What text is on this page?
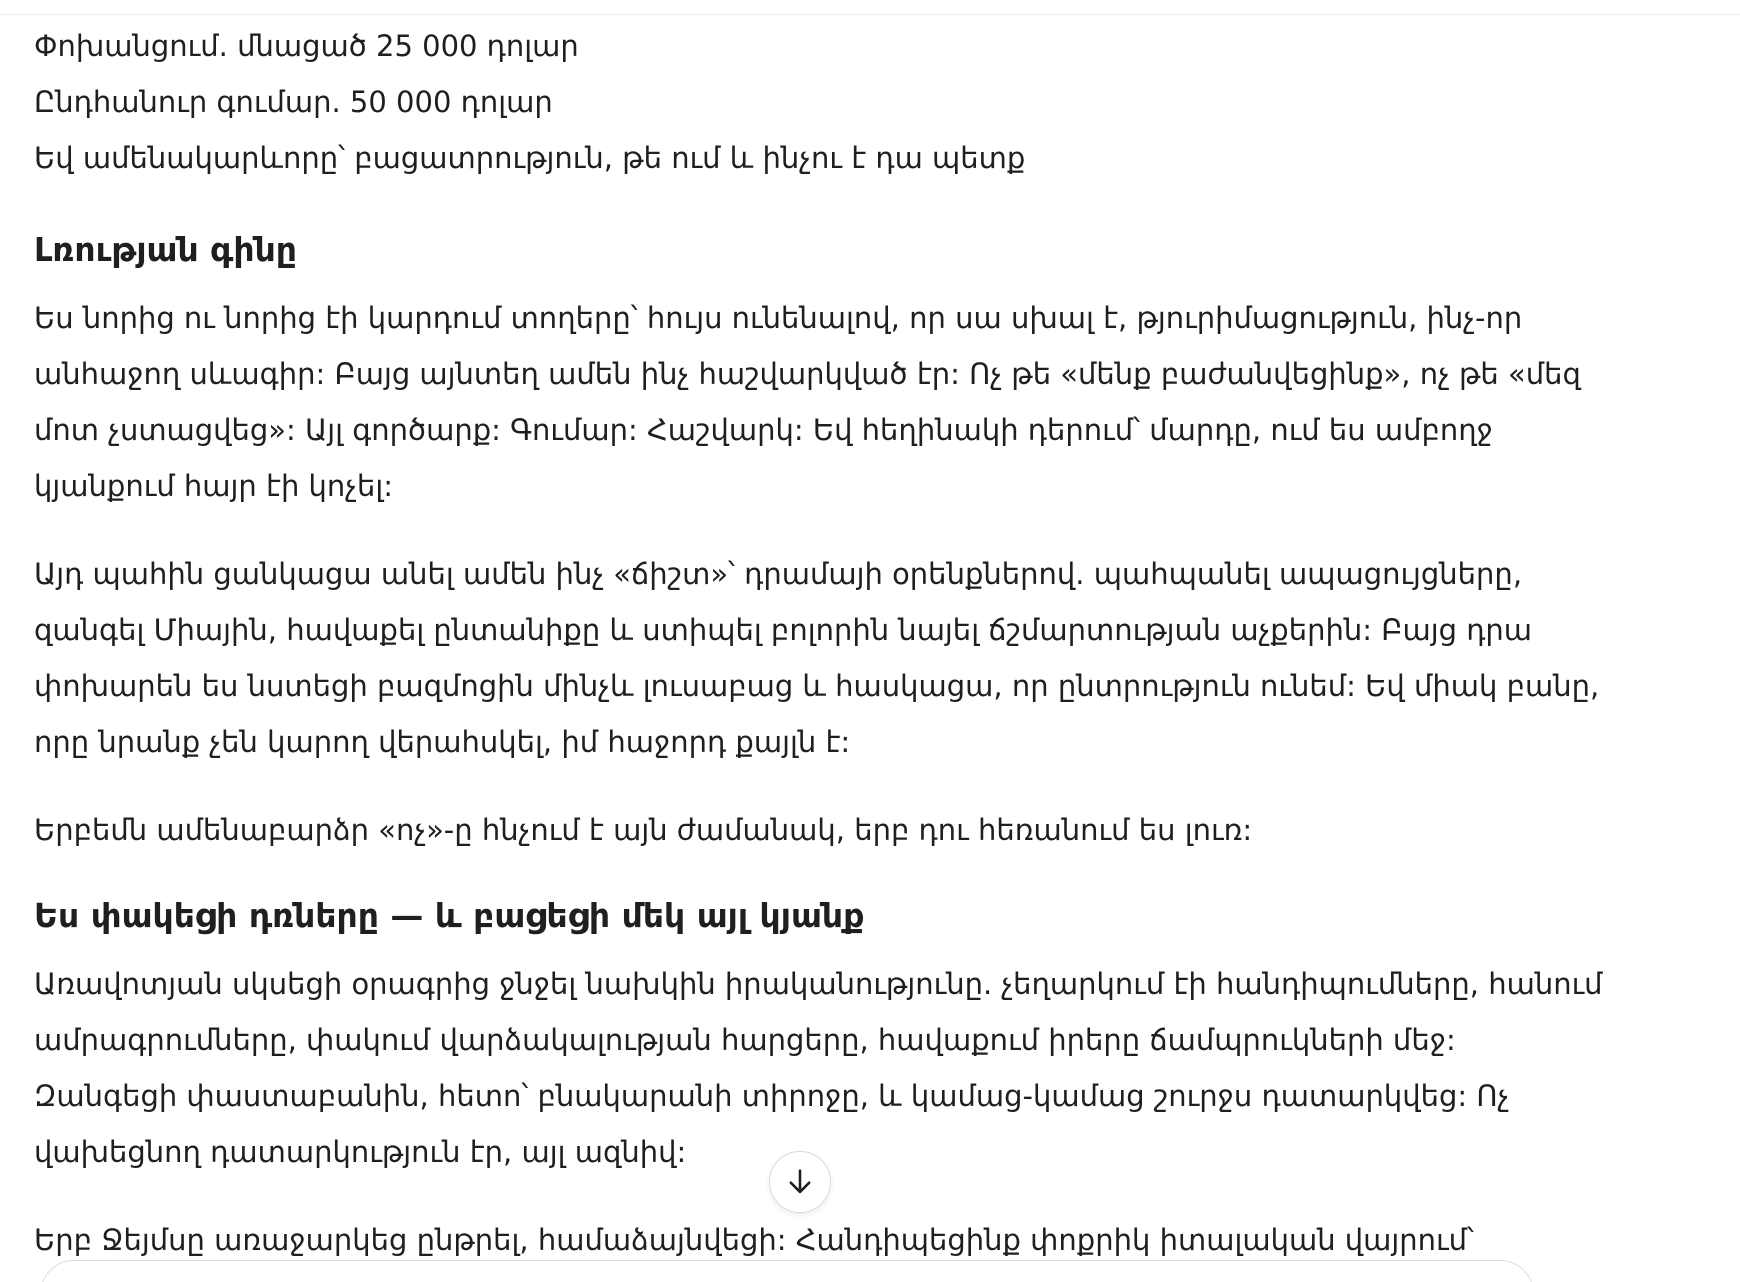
Փոխանցում. մնացած 25 000 դոլար
Ընդհանուր գումար. 50 000 դոլար
Եվ ամենակարևորը՝ բացատրություն, թե ում և ինչու է դա պետք
Լռության գինը

Ես նորից ու նորից էի կարդում տողերը՝ հույս ունենալով, որ սա սխալ է, թյուրիմացություն, ինչ-որ
անհաջող սևագիր: Բայց այնտեղ ամեն ինչ հաշվարկված էր: Ոչ թե «մենք բաժանվեցինք», ոչ թե «մեզ
մոտ չստացվեց»: Այլ գործարք: Գումար: Հաշվարկ: Եվ հեղինակի դերում՝ մարդը, ում ես ամբողջ
կյանքում հայր էի կոչել:

Այդ պահին ցանկացա անել ամեն ինչ «ճիշտ»՝ դրամայի օրենքներով. պահպանել ապացույցները,
զանգել Միային, հավաքել ընտանիքը և ստիպել բոլորին նայել ճշմարտության աչքերին: Բայց դրա
փոխարեն ես նստեցի բազմոցին մինչև լուսաբաց և հասկացա, որ ընտրություն ունեմ: Եվ միակ բանը,
որը նրանք չեն կարող վերահսկել, իմ հաջորդ քայլն է:

Երբեմն ամենաբարձր «ոչ»-ը հնչում է այն ժամանակ, երբ դու հեռանում ես լուռ:

Ես փակեցի դռները — և բացեցի մեկ այլ կյանք

Առավոտյան սկսեցի օրագրից ջնջել նախկին իրականությունը. չեղարկում էի հանդիպումները, հանում
ամրագրումները, փակում վարձակալության հարցերը, հավաքում իրերը ճամպրուկների մեջ:
Զանգեցի փաստաբանին, հետո՝ բնակարանի տիրոջը, և կամաց-կամաց շուրջս դատարկվեց: Ոչ
վախեցնող դատարկություն էր, այլ ազնիվ:

Երբ Ջեյմսը առաջարկեց ընթրել, համաձայնվեցի: Հանդիպեցինք փոքրիկ իտալական վայրում՝
